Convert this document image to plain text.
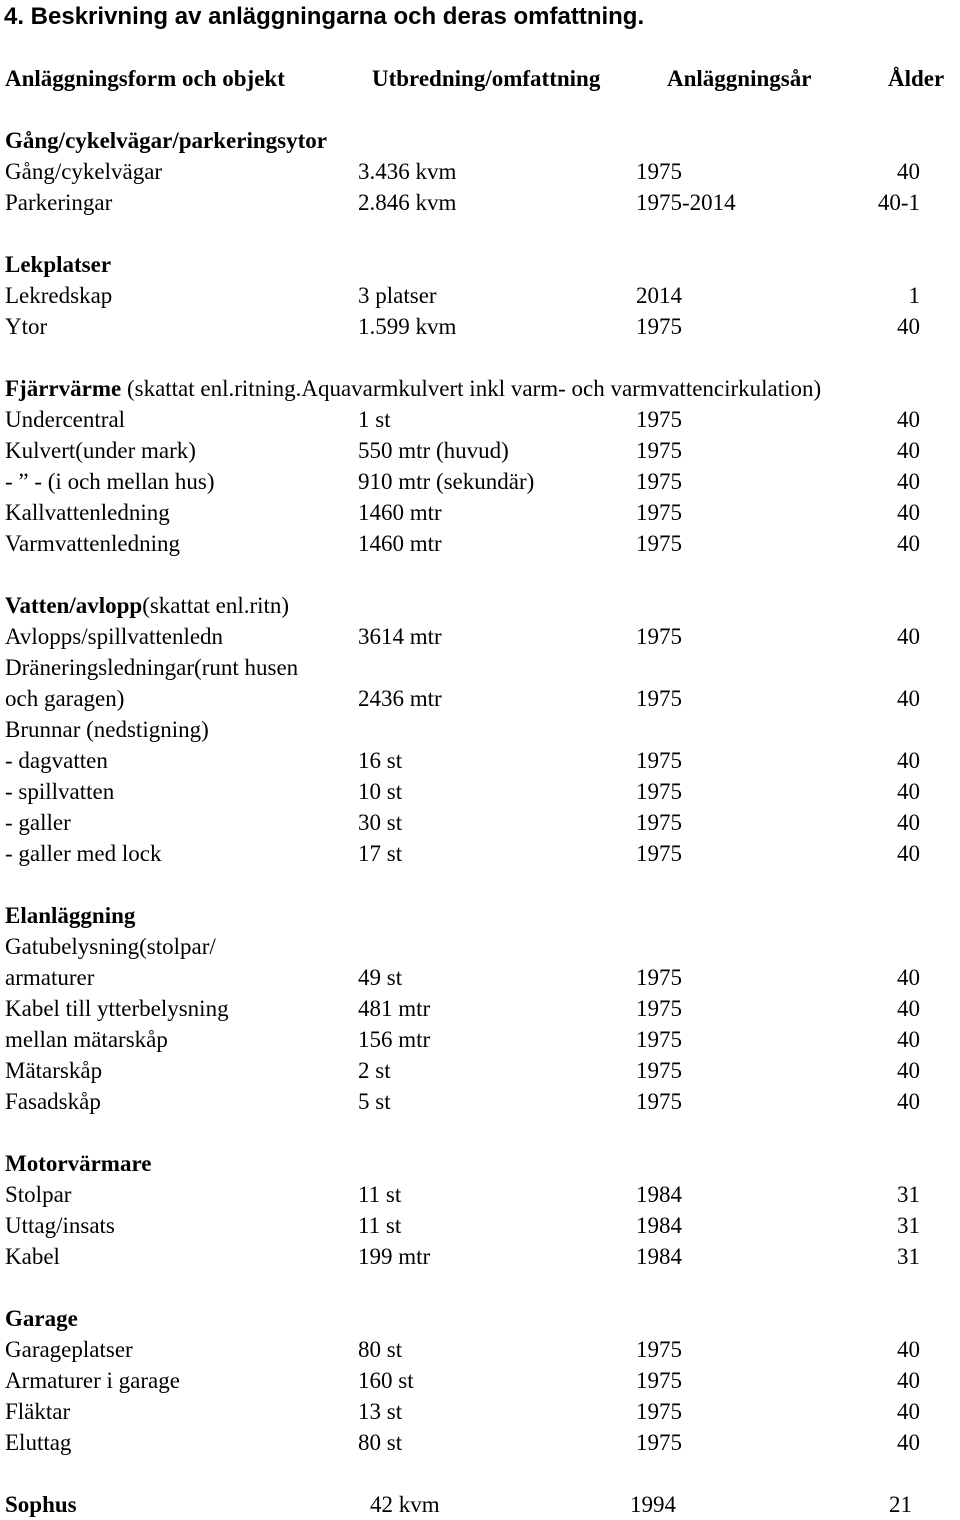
4. Beskrivning av anläggningarna och deras omfattning.
Anläggningsform och objekt	Utbredning/omfattning	Anläggningsår	Ålder
Gång/cykelvägar/parkeringsytor
Gång/cykelvägar	3.436 kvm	1975	40
Parkeringar	2.846 kvm	1975-2014	40-1
Lekplatser
Lekredskap	3 platser	2014	1
Ytor	1.599 kvm	1975	40
Fjärrvärme (skattat enl.ritning.Aquavarmkulvert inkl varm- och varmvattencirkulation)
Undercentral	1 st	1975	40
Kulvert(under mark)	550 mtr (huvud)	1975	40
- ” - (i och mellan hus)	910 mtr (sekundär)	1975	40
Kallvattenledning	1460 mtr	1975	40
Varmvattenledning	1460 mtr	1975	40
Vatten/avlopp(skattat enl.ritn)
Avlopps/spillvattenledn	3614 mtr	1975	40
Dräneringsledningar(runt husen
och garagen)	2436 mtr	1975	40
Brunnar (nedstigning)
- dagvatten	16 st	1975	40
- spillvatten	10 st	1975	40
- galler	30 st	1975	40
- galler med lock	17 st	1975	40
Elanläggning
Gatubelysning(stolpar/
armaturer	49 st	1975	40
Kabel till ytterbelysning	481 mtr	1975	40
mellan mätarskåp	156 mtr	1975	40
Mätarskåp	2 st	1975	40
Fasadskåp	5 st	1975	40
Motorvärmare
Stolpar	11 st	1984	31
Uttag/insats	11 st	1984	31
Kabel	199 mtr	1984	31
Garage
Garageplatser	80 st	1975	40
Armaturer i garage	160 st	1975	40
Fläktar	13 st	1975	40
Eluttag	80 st	1975	40
Sophus	42 kvm	1994	21
